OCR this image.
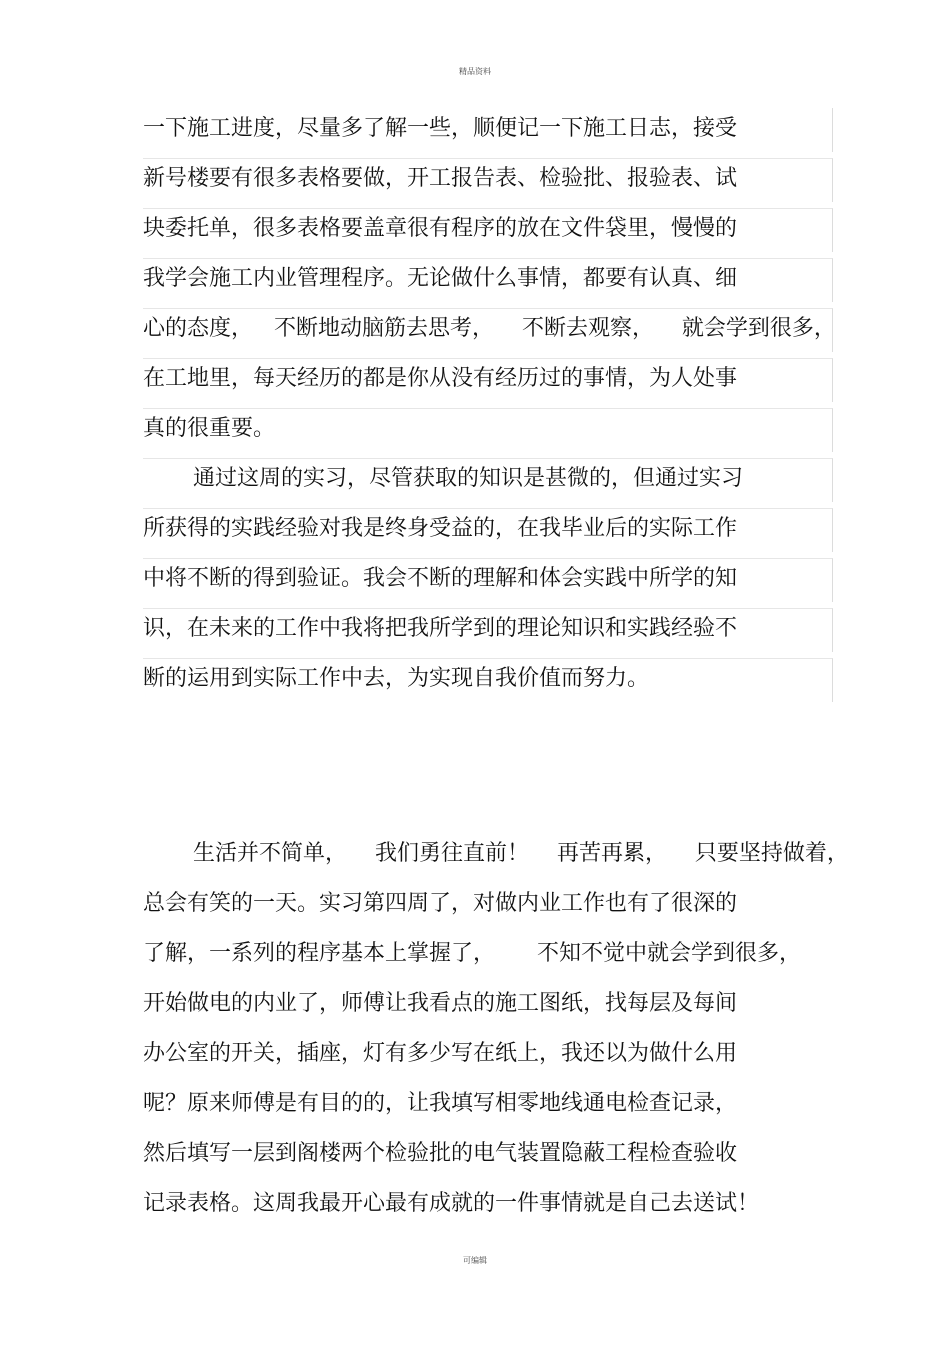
精品资料
一下施工进度，尽量多了解一些，顺便记一下施工日志，接受
新号楼要有很多表格要做，开工报告表、检验批、报验表、试
块委托单，很多表格要盖章很有程序的放在文件袋里，慢慢的
我学会施工内业管理程序。无论做什么事情，都要有认真、细
心的态度，   不断地动脑筋去思考，    不断去观察，    就会学到很多，
在工地里，每天经历的都是你从没有经历过的事情，为人处事
真的很重要。
通过这周的实习，尽管获取的知识是甚微的，但通过实习
所获得的实践经验对我是终身受益的，在我毕业后的实际工作
中将不断的得到验证。我会不断的理解和体会实践中所学的知
识，在未来的工作中我将把我所学到的理论知识和实践经验不
断的运用到实际工作中去，为实现自我价值而努力。
生活并不简单，    我们勇往直前！    再苦再累，    只要坚持做着，
总会有笑的一天。实习第四周了，对做内业工作也有了很深的
了解，一系列的程序基本上掌握了，      不知不觉中就会学到很多，
开始做电的内业了，师傅让我看点的施工图纸，找每层及每间
办公室的开关，插座，灯有多少写在纸上，我还以为做什么用
呢？原来师傅是有目的的，让我填写相零地线通电检查记录，
然后填写一层到阁楼两个检验批的电气装置隐蔽工程检查验收
记录表格。这周我最开心最有成就的一件事情就是自己去送试！
可编辑
